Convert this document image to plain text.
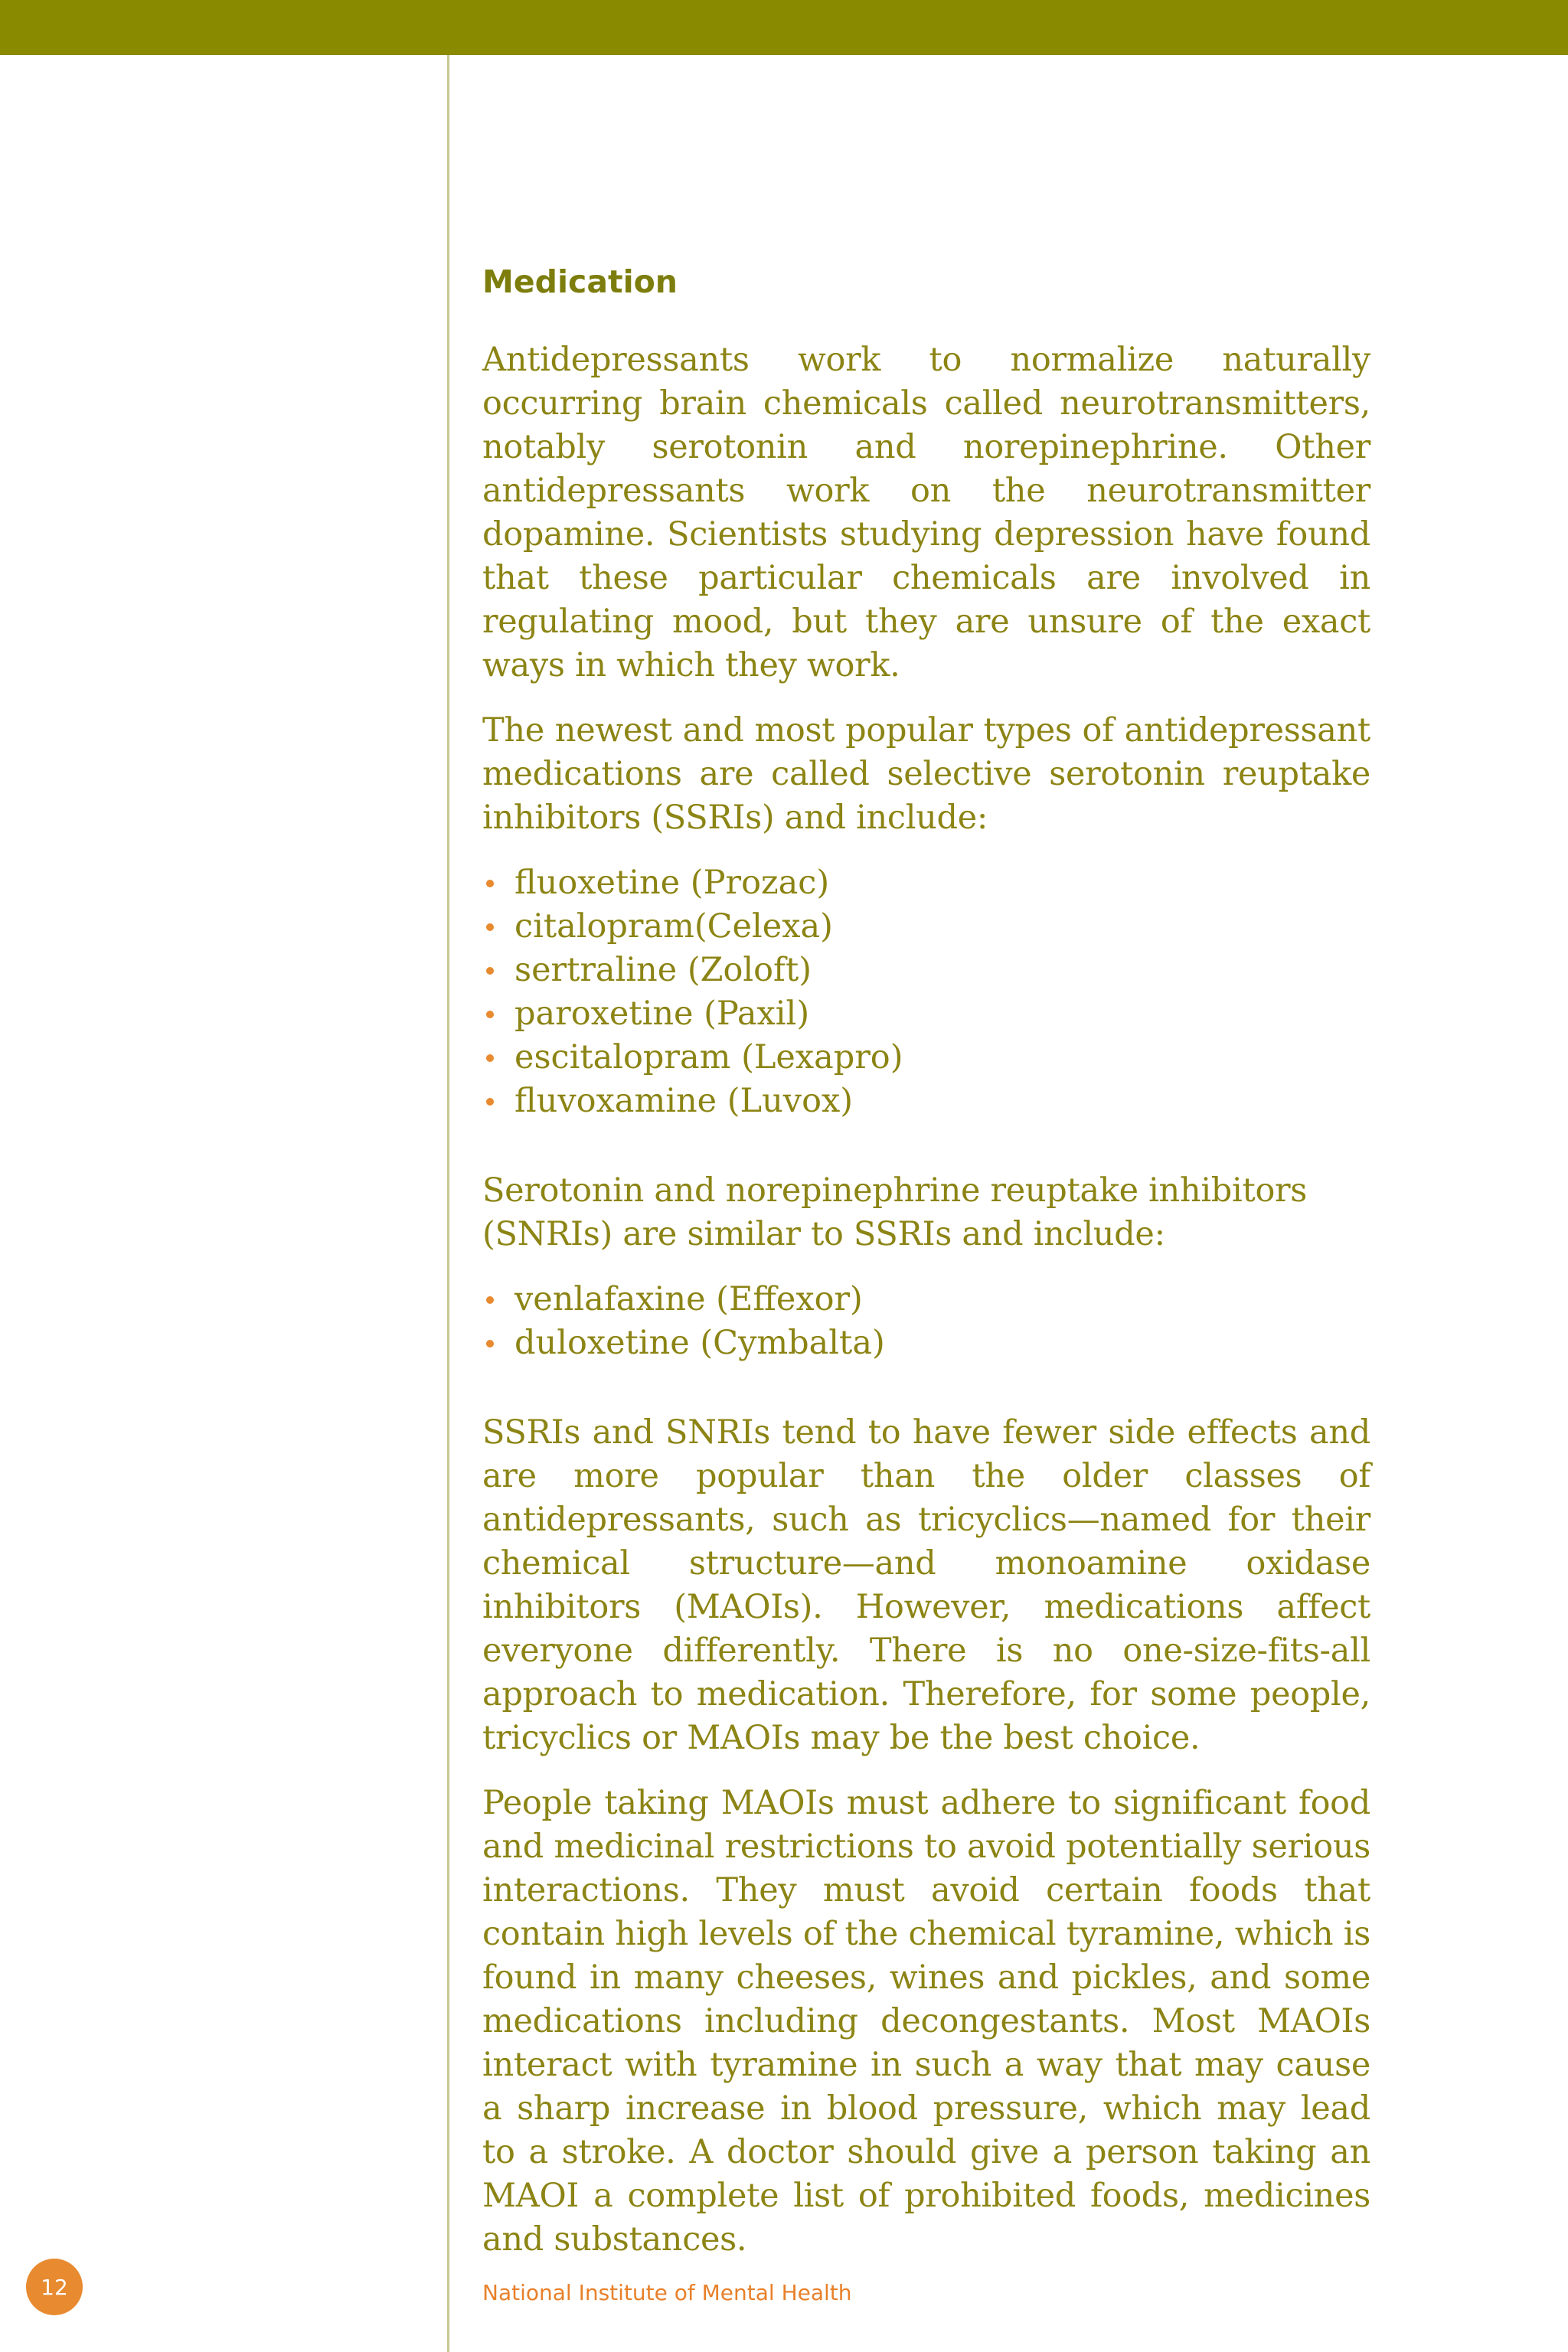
Medication

Antidepressants work to normalize naturally occurring brain chemicals called neurotransmitters, notably serotonin and norepinephrine. Other antidepressants work on the neurotransmitter dopamine. Scientists studying depression have found that these particular chemicals are involved in regulating mood, but they are unsure of the exact ways in which they work.

The newest and most popular types of antidepressant medications are called selective serotonin reuptake inhibitors (SSRIs) and include:

fluoxetine (Prozac)
citalopram(Celexa)
sertraline (Zoloft)
paroxetine (Paxil)
escitalopram (Lexapro)
fluvoxamine (Luvox)

Serotonin and norepinephrine reuptake inhibitors (SNRIs) are similar to SSRIs and include:

venlafaxine (Effexor)
duloxetine (Cymbalta)

SSRIs and SNRIs tend to have fewer side effects and are more popular than the older classes of antidepressants, such as tricyclics—named for their chemical structure—and monoamine oxidase inhibitors (MAOIs). However, medications affect everyone differently. There is no one-size-fits-all approach to medication. Therefore, for some people, tricyclics or MAOIs may be the best choice.

People taking MAOIs must adhere to significant food and medicinal restrictions to avoid potentially serious interactions. They must avoid certain foods that contain high levels of the chemical tyramine, which is found in many cheeses, wines and pickles, and some medications including decongestants. Most MAOIs interact with tyramine in such a way that may cause a sharp increase in blood pressure, which may lead to a stroke. A doctor should give a person taking an MAOI a complete list of prohibited foods, medicines and substances.

12	National Institute of Mental Health
